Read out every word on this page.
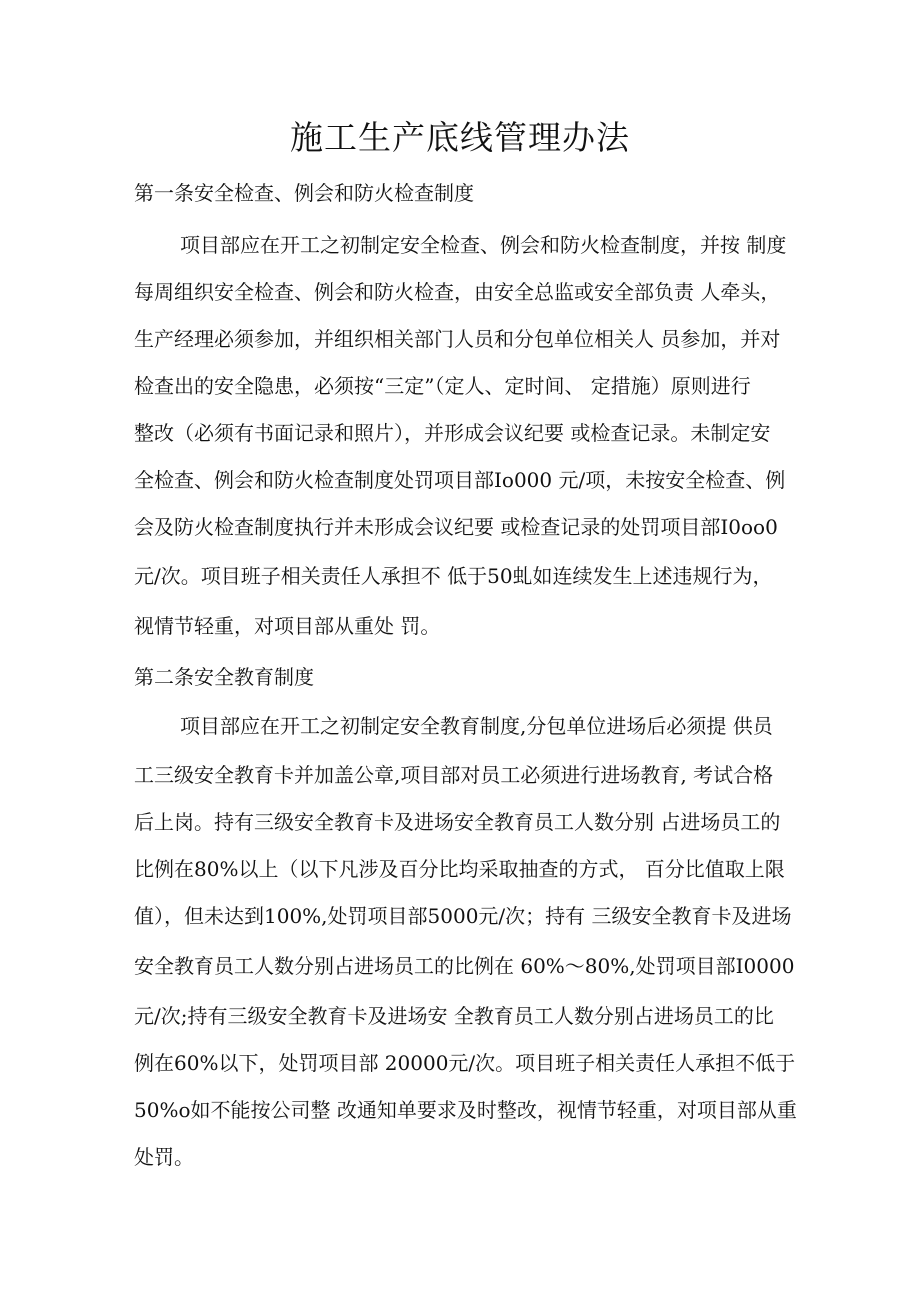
施工生产底线管理办法
第一条安全检查、例会和防火检查制度

项目部应在开工之初制定安全检查、例会和防火检查制度，并按 制度

每周组织安全检查、例会和防火检查，由安全总监或安全部负责 人牵头，

生产经理必须参加，并组织相关部门人员和分包单位相关人 员参加，并对

检查出的安全隐患，必须按“三定”（定人、定时间、 定措施）原则进行

整改（必须有书面记录和照片），并形成会议纪要 或检查记录。未制定安

全检查、例会和防火检查制度处罚项目部Io000 元/项，未按安全检查、例

会及防火检查制度执行并未形成会议纪要 或检查记录的处罚项目部I0oo0

元/次。项目班子相关责任人承担不 低于50虬如连续发生上述违规行为，

视情节轻重，对项目部从重处 罚。

第二条安全教育制度

项目部应在开工之初制定安全教育制度,分包单位进场后必须提 供员

工三级安全教育卡并加盖公章,项目部对员工必须进行进场教育, 考试合格

后上岗。持有三级安全教育卡及进场安全教育员工人数分别 占进场员工的

比例在80%以上（以下凡涉及百分比均采取抽查的方式， 百分比值取上限

值），但未达到100%,处罚项目部5000元/次；持有 三级安全教育卡及进场

安全教育员工人数分别占进场员工的比例在 60%～80%,处罚项目部I0000

元/次;持有三级安全教育卡及进场安 全教育员工人数分别占进场员工的比

例在60%以下，处罚项目部 20000元/次。项目班子相关责任人承担不低于

50%o如不能按公司整 改通知单要求及时整改，视情节轻重，对项目部从重

处罚。
